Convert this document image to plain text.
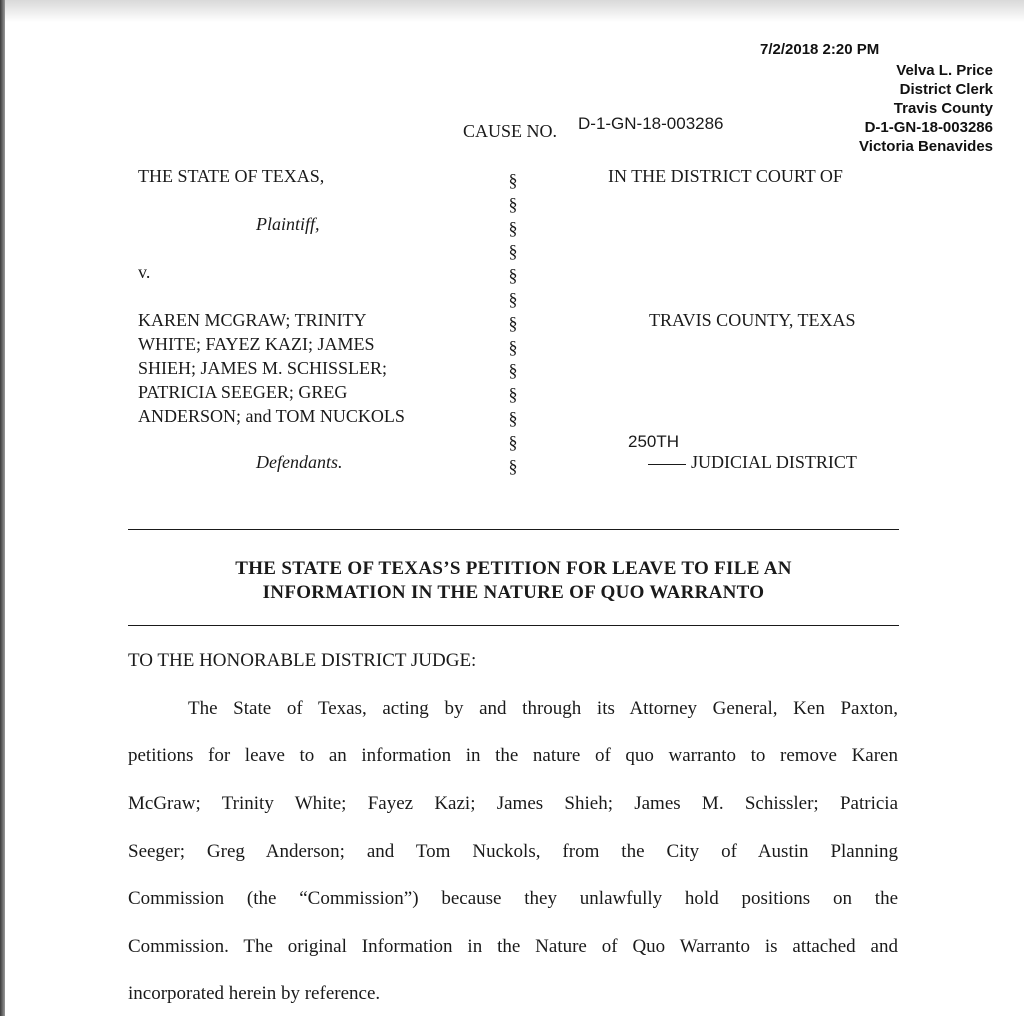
7/2/2018 2:20 PM
Velva L. Price
District Clerk
Travis County
D-1-GN-18-003286
Victoria Benavides
CAUSE NO. D-1-GN-18-003286
THE STATE OF TEXAS,
Plaintiff,
v.
KAREN MCGRAW; TRINITY
WHITE; FAYEZ KAZI; JAMES
SHIEH; JAMES M. SCHISSLER;
PATRICIA SEEGER; GREG
ANDERSON; and TOM NUCKOLS
Defendants.
§
§
§
§
§
§
§
§
§
§
§
§
§
IN THE DISTRICT COURT OF
TRAVIS COUNTY, TEXAS
250TH
JUDICIAL DISTRICT
THE STATE OF TEXAS’S PETITION FOR LEAVE TO FILE AN
INFORMATION IN THE NATURE OF QUO WARRANTO
TO THE HONORABLE DISTRICT JUDGE:
The State of Texas, acting by and through its Attorney General, Ken Paxton,
petitions for leave to an information in the nature of quo warranto to remove Karen
McGraw; Trinity White; Fayez Kazi; James Shieh; James M. Schissler; Patricia
Seeger; Greg Anderson; and Tom Nuckols, from the City of Austin Planning
Commission (the “Commission”) because they unlawfully hold positions on the
Commission. The original Information in the Nature of Quo Warranto is attached and
incorporated herein by reference.
